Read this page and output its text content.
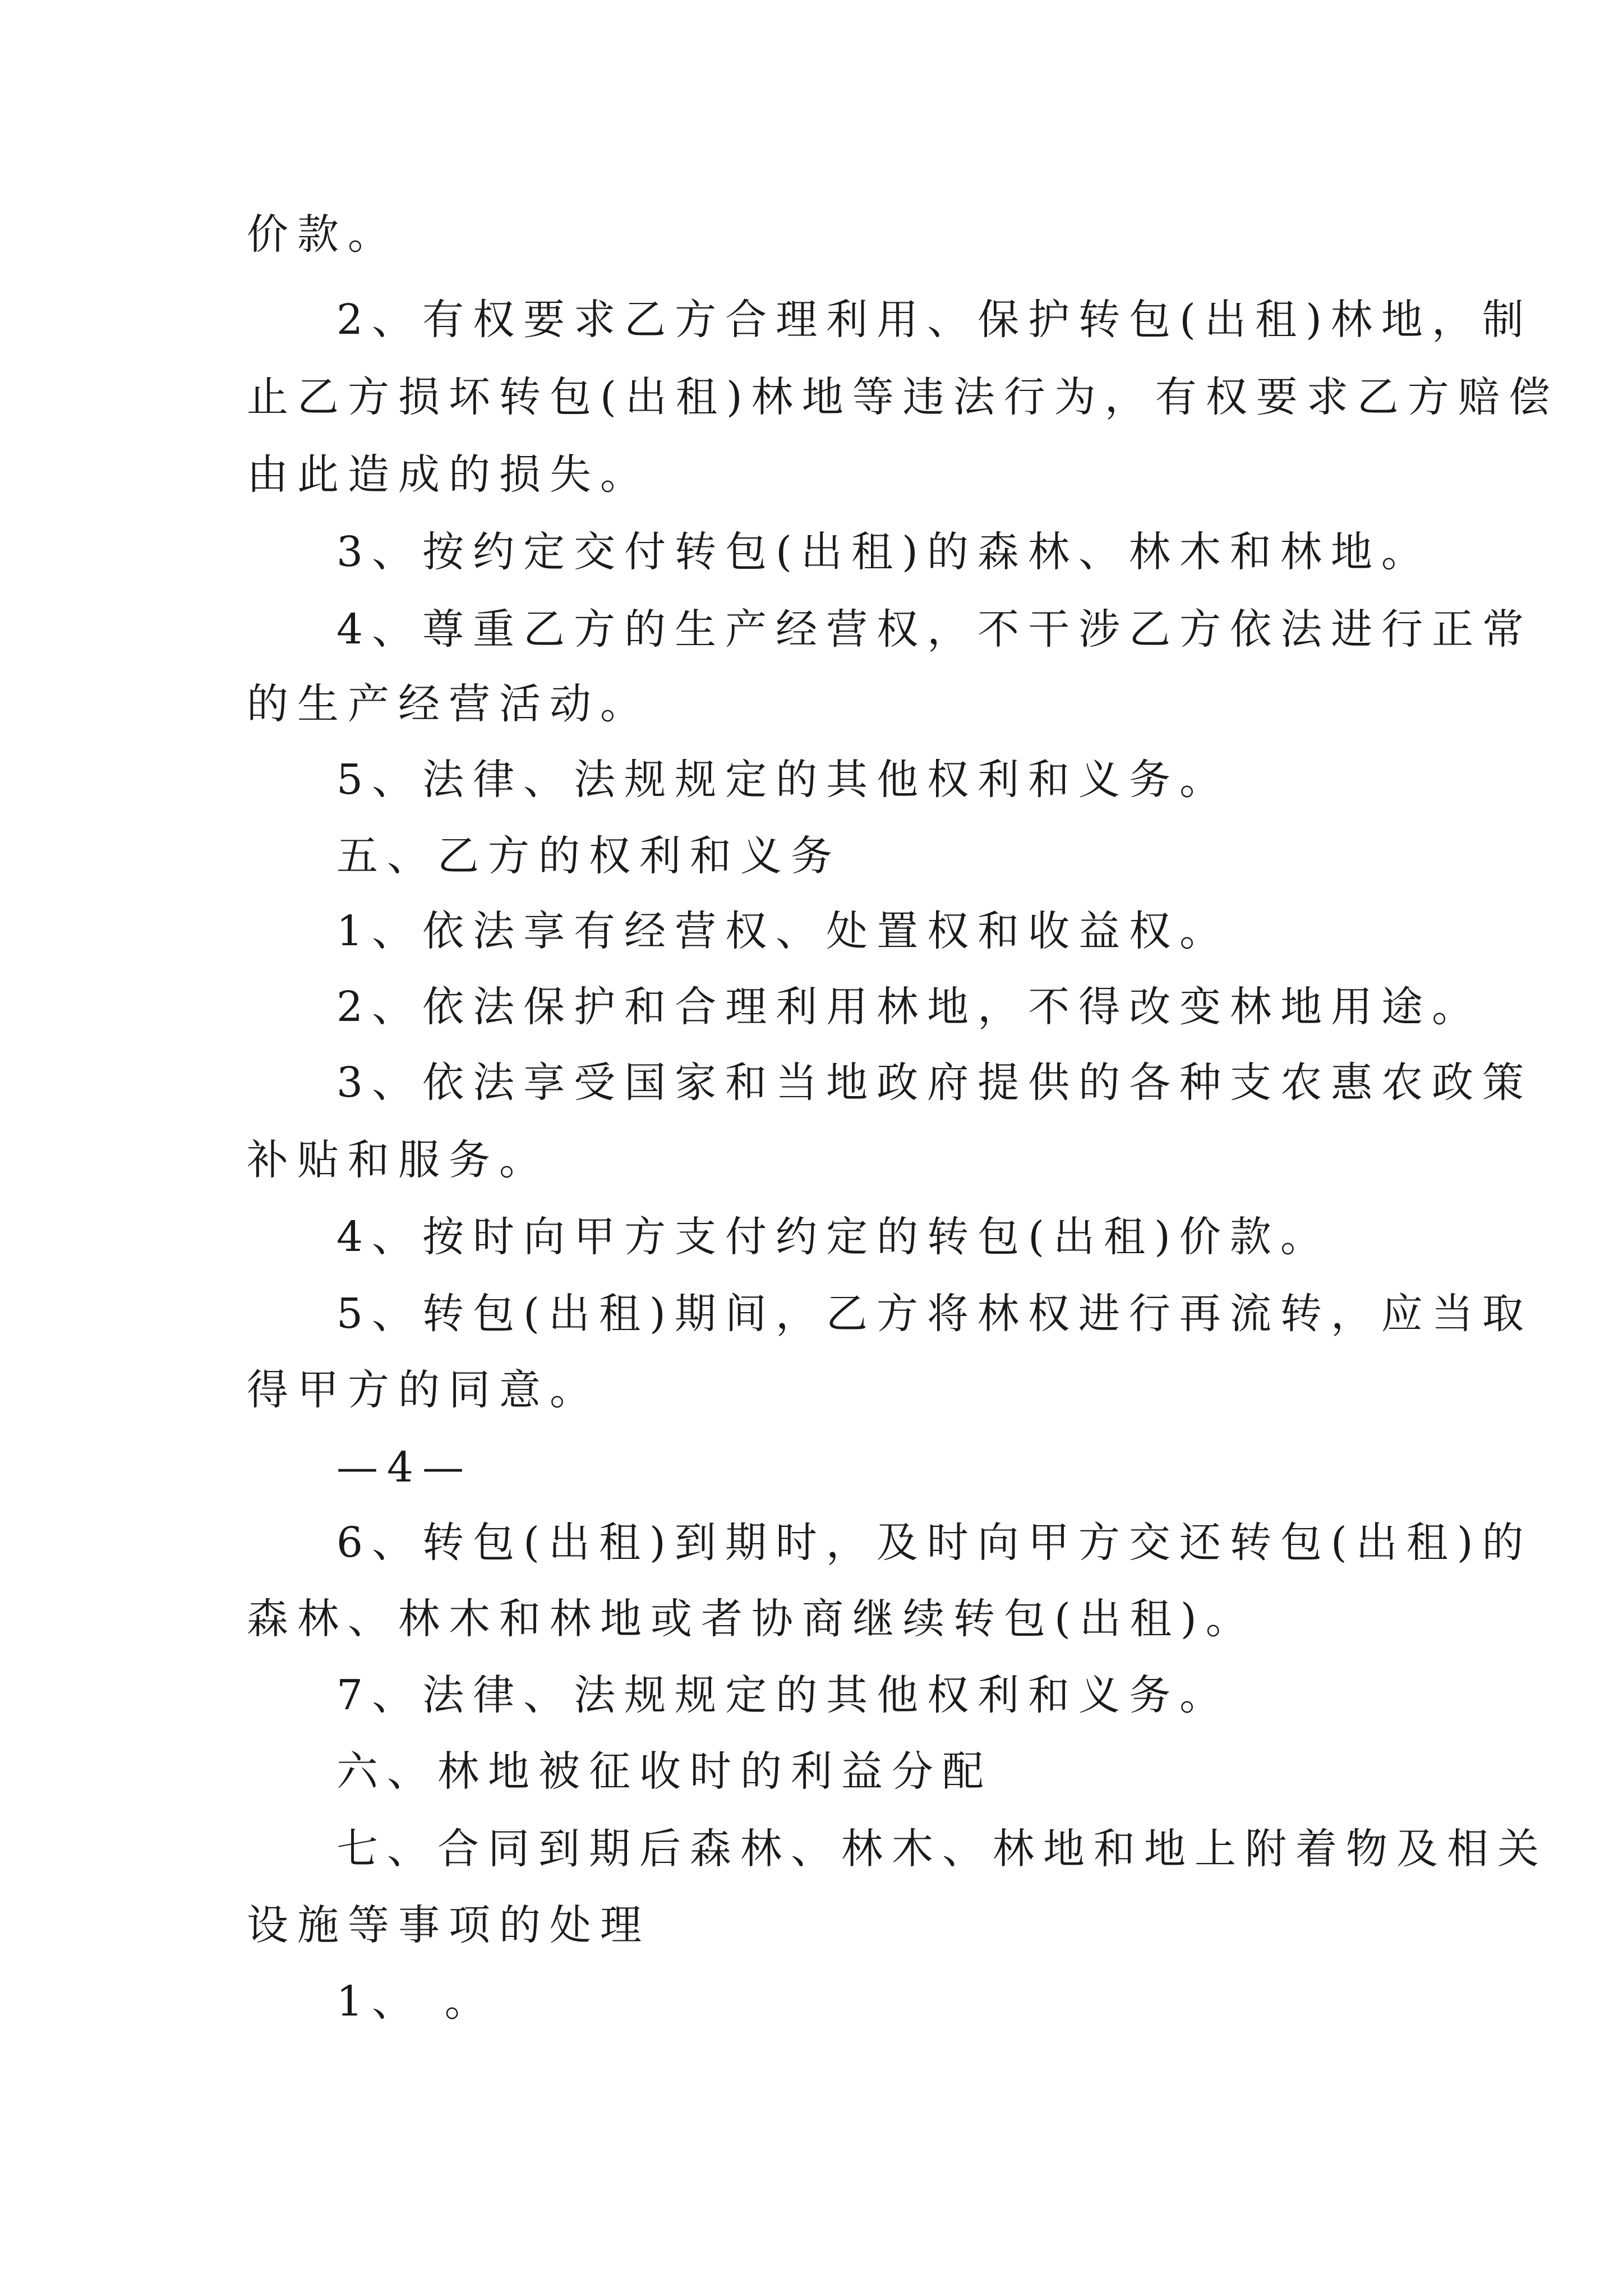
价款。

2、有权要求乙方合理利用、保护转包(出租)林地，制

止乙方损坏转包(出租)林地等违法行为，有权要求乙方赔偿

由此造成的损失。

3、按约定交付转包(出租)的森林、林木和林地。

4、尊重乙方的生产经营权，不干涉乙方依法进行正常

的生产经营活动。

5、法律、法规规定的其他权利和义务。

五、乙方的权利和义务

1、依法享有经营权、处置权和收益权。

2、依法保护和合理利用林地，不得改变林地用途。

3、依法享受国家和当地政府提供的各种支农惠农政策

补贴和服务。

4、按时向甲方支付约定的转包(出租)价款。

5、转包(出租)期间，乙方将林权进行再流转，应当取

得甲方的同意。

—4—

6、转包(出租)到期时，及时向甲方交还转包(出租)的

森林、林木和林地或者协商继续转包(出租)。

7、法律、法规规定的其他权利和义务。

六、林地被征收时的利益分配

七、合同到期后森林、林木、林地和地上附着物及相关

设施等事项的处理

1、 。
